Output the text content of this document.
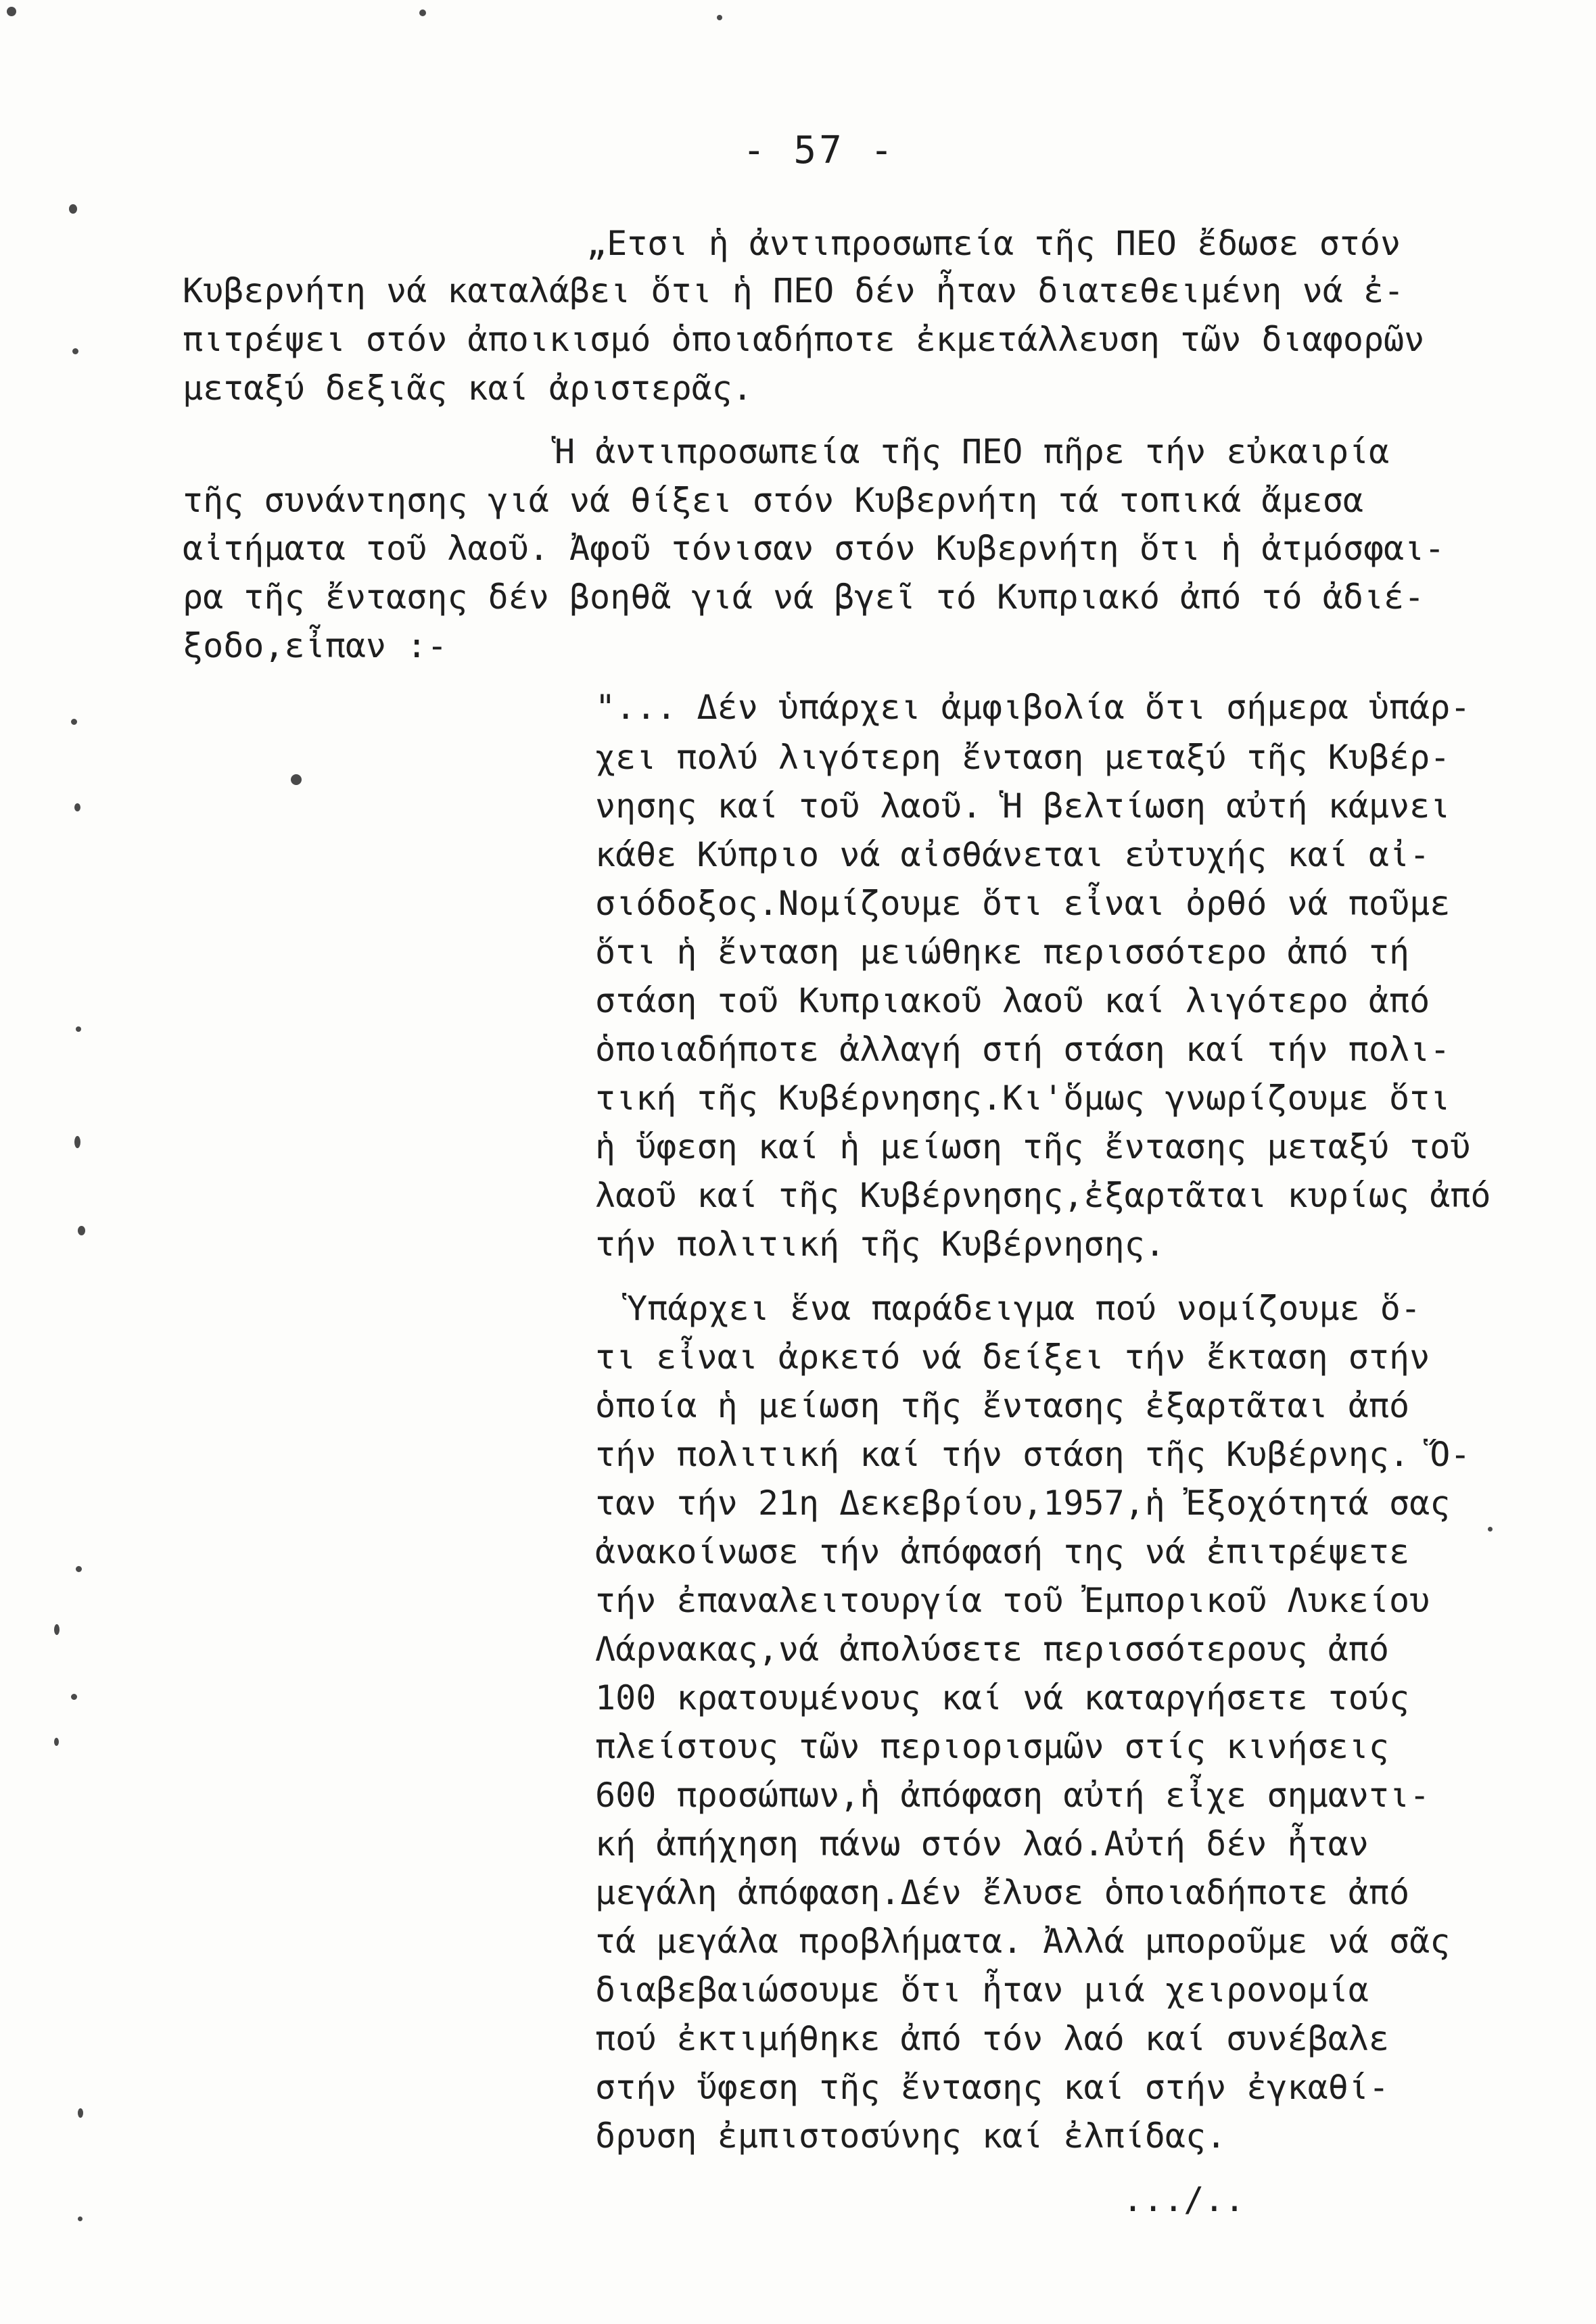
- 57 -
„Ετσι ἡ ἀντιπροσωπεία τῆς ΠΕΟ ἔδωσε στόν
Κυβερνήτη νά καταλάβει ὅτι ἡ ΠΕΟ δέν ἦταν διατεθειμένη νά ἐ-
πιτρέψει στόν ἀποικισμό ὁποιαδήποτε ἐκμετάλλευση τῶν διαφορῶν
μεταξύ δεξιᾶς καί ἀριστερᾶς.
Ἡ ἀντιπροσωπεία τῆς ΠΕΟ πῆρε τήν εὐκαιρία
τῆς συνάντησης γιά νά θίξει στόν Κυβερνήτη τά τοπικά ἄμεσα
αἰτήματα τοῦ λαοῦ. Ἀφοῦ τόνισαν στόν Κυβερνήτη ὅτι ἡ ἀτμόσφαι-
ρα τῆς ἔντασης δέν βοηθᾶ γιά νά βγεῖ τό Κυπριακό ἀπό τό ἀδιέ-
ξοδο,εἶπαν :-
"... Δέν ὑπάρχει ἀμφιβολία ὅτι σήμερα ὑπάρ-
χει πολύ λιγότερη ἔνταση μεταξύ τῆς Κυβέρ-
νησης καί τοῦ λαοῦ. Ἡ βελτίωση αὐτή κάμνει
κάθε Κύπριο νά αἰσθάνεται εὐτυχής καί αἰ-
σιόδοξος.Νομίζουμε ὅτι εἶναι ὀρθό νά ποῦμε
ὅτι ἡ ἔνταση μειώθηκε περισσότερο ἀπό τή
στάση τοῦ Κυπριακοῦ λαοῦ καί λιγότερο ἀπό
ὁποιαδήποτε ἀλλαγή στή στάση καί τήν πολι-
τική τῆς Κυβέρνησης.Κι'ὅμως γνωρίζουμε ὅτι
ἡ ὕφεση καί ἡ μείωση τῆς ἔντασης μεταξύ τοῦ
λαοῦ καί τῆς Κυβέρνησης,ἐξαρτᾶται κυρίως ἀπό
τήν πολιτική τῆς Κυβέρνησης.
Ὑπάρχει ἕνα παράδειγμα πού νομίζουμε ὅ-
τι εἶναι ἀρκετό νά δείξει τήν ἔκταση στήν
ὁποία ἡ μείωση τῆς ἔντασης ἐξαρτᾶται ἀπό
τήν πολιτική καί τήν στάση τῆς Κυβέρνης. Ὅ-
ταν τήν 21η Δεκεβρίου,1957,ἡ Ἐξοχότητά σας
ἀνακοίνωσε τήν ἀπόφασή της νά ἐπιτρέψετε
τήν ἐπαναλειτουργία τοῦ Ἐμπορικοῦ Λυκείου
Λάρνακας,νά ἀπολύσετε περισσότερους ἀπό
100 κρατουμένους καί νά καταργήσετε τούς
πλείστους τῶν περιορισμῶν στίς κινήσεις
600 προσώπων,ἡ ἀπόφαση αὐτή εἶχε σημαντι-
κή ἀπήχηση πάνω στόν λαό.Αὐτή δέν ἦταν
μεγάλη ἀπόφαση.Δέν ἔλυσε ὁποιαδήποτε ἀπό
τά μεγάλα προβλήματα. Ἀλλά μποροῦμε νά σᾶς
διαβεβαιώσουμε ὅτι ἦταν μιά χειρονομία
πού ἐκτιμήθηκε ἀπό τόν λαό καί συνέβαλε
στήν ὕφεση τῆς ἔντασης καί στήν ἐγκαθί-
δρυση ἐμπιστοσύνης καί ἐλπίδας.
.../..
